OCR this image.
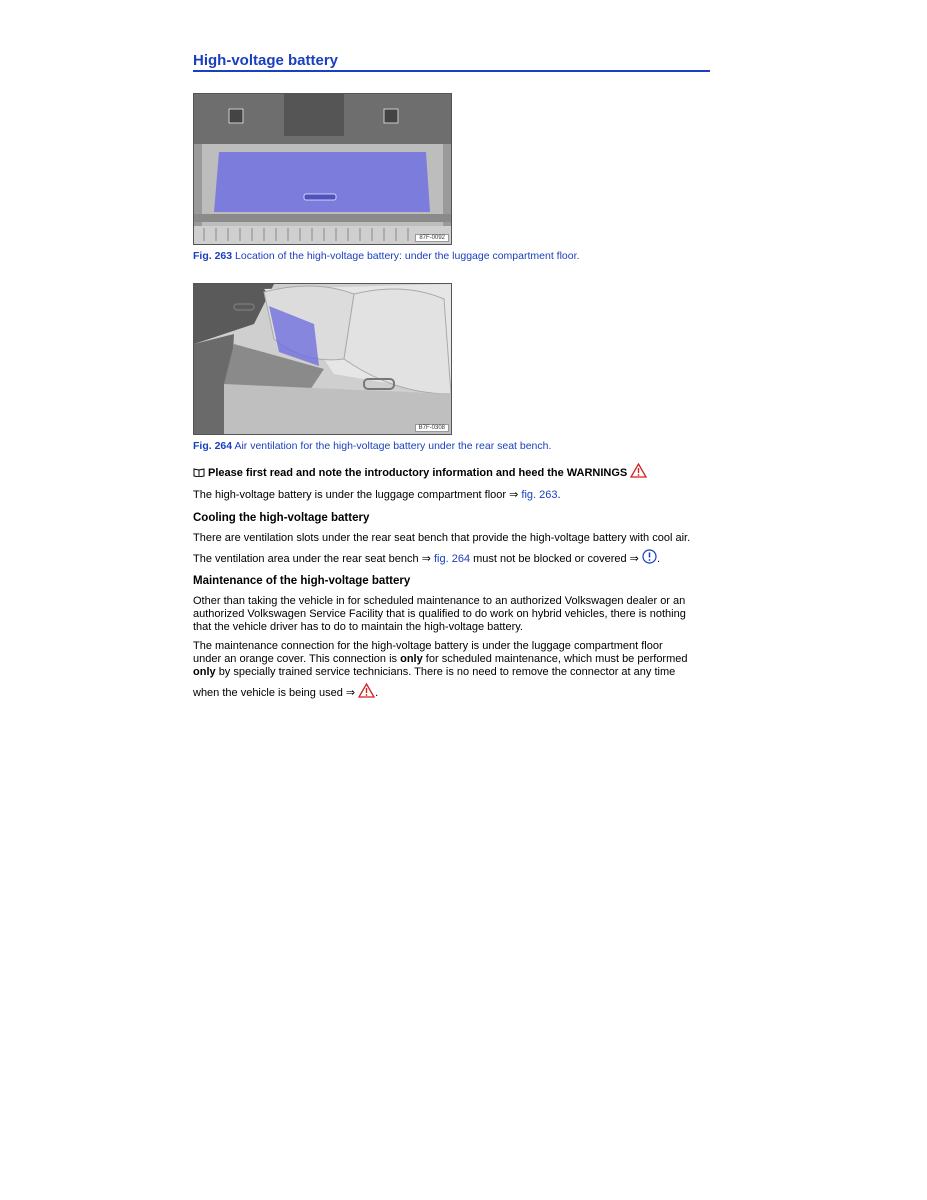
High-voltage battery
87F-0092
Fig. 263 Location of the high-voltage battery: under the luggage compartment floor.
B7F-0308
Fig. 264 Air ventilation for the high-voltage battery under the rear seat bench.
Please first read and note the introductory information and heed the WARNINGS
The high-voltage battery is under the luggage compartment floor ⇒ fig. 263.
Cooling the high-voltage battery
There are ventilation slots under the rear seat bench that provide the high-voltage battery with cool air.
The ventilation area under the rear seat bench ⇒ fig. 264 must not be blocked or covered ⇒ .
Maintenance of the high-voltage battery
Other than taking the vehicle in for scheduled maintenance to an authorized Volkswagen dealer or an
authorized Volkswagen Service Facility that is qualified to do work on hybrid vehicles, there is nothing
that the vehicle driver has to do to maintain the high-voltage battery.
The maintenance connection for the high-voltage battery is under the luggage compartment floor
under an orange cover. This connection is only for scheduled maintenance, which must be performed
only by specially trained service technicians. There is no need to remove the connector at any time
when the vehicle is being used ⇒ .
